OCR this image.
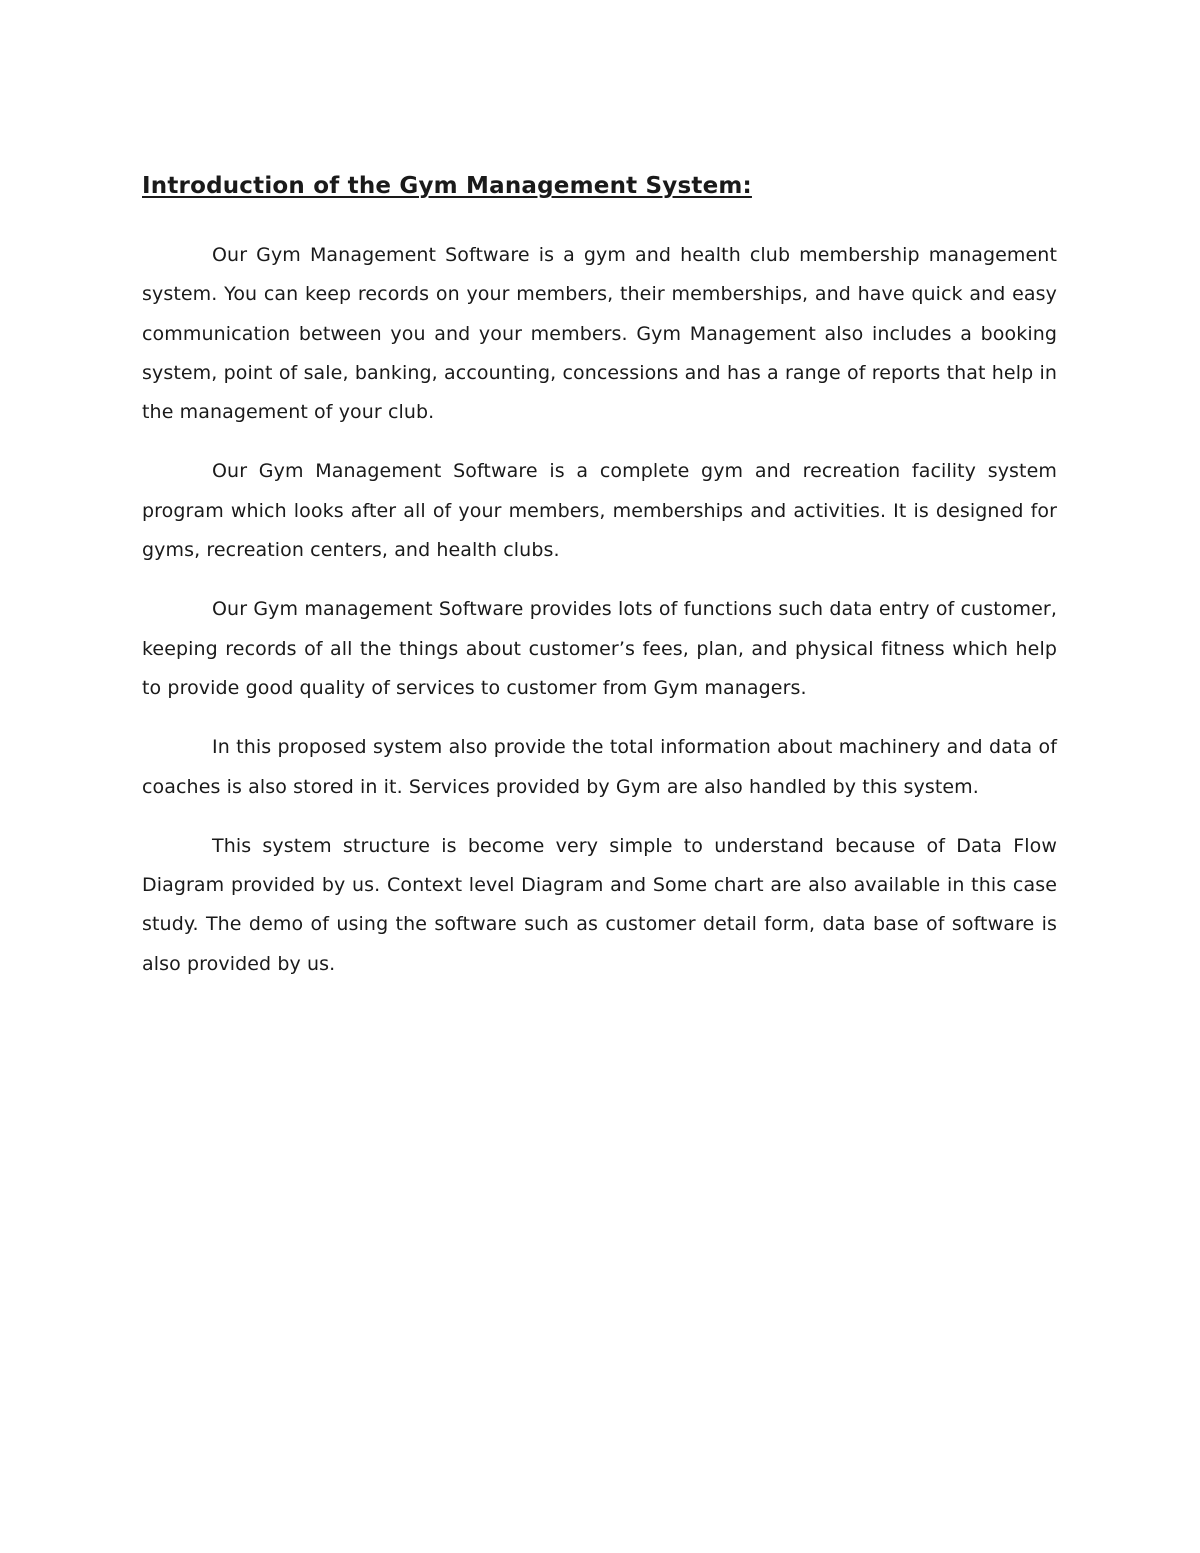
Introduction of the Gym Management System:

Our Gym Management Software is a gym and health club membership management system. You can keep records on your members, their memberships, and have quick and easy communication between you and your members. Gym Management also includes a booking system, point of sale, banking, accounting, concessions and has a range of reports that help in the management of your club.

Our Gym Management Software is a complete gym and recreation facility system program which looks after all of your members, memberships and activities. It is designed for gyms, recreation centers, and health clubs.

Our Gym management Software provides lots of functions such data entry of customer, keeping records of all the things about customer’s fees, plan, and physical fitness which help to provide good quality of services to customer from Gym managers.

In this proposed system also provide the total information about machinery and data of coaches is also stored in it. Services provided by Gym are also handled by this system.

This system structure is become very simple to understand because of Data Flow Diagram provided by us. Context level Diagram and Some chart are also available in this case study. The demo of using the software such as customer detail form, data base of software is also provided by us.
